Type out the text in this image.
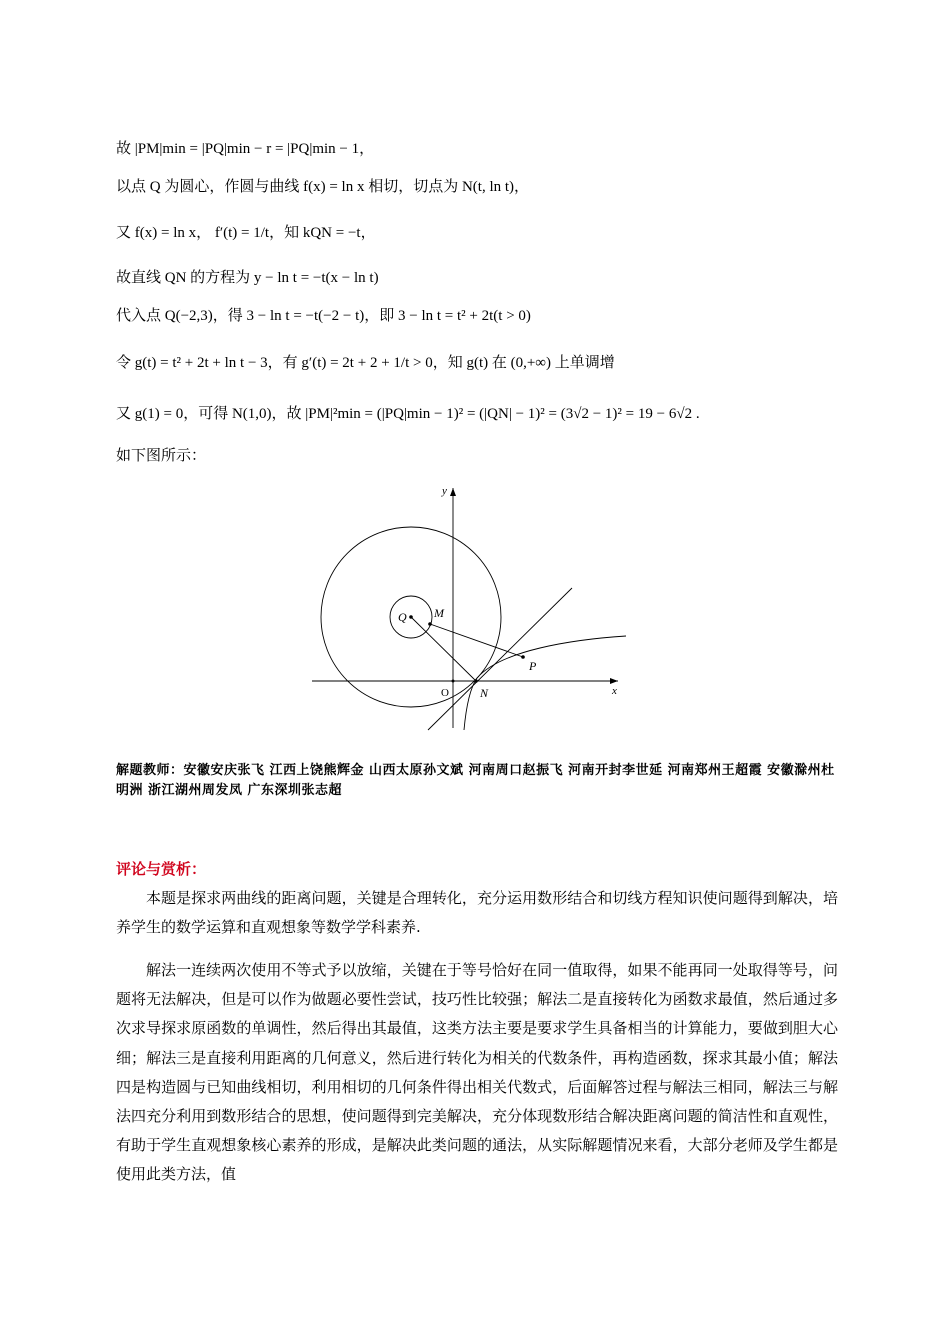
故 |PM|min = |PQ|min − r = |PQ|min − 1，
以点 Q 为圆心，作圆与曲线 f(x) = ln x 相切，切点为 N(t, ln t)，
又 f(x) = ln x， f′(t) = 1/t，知 kQN = −t，
故直线 QN 的方程为 y − ln t = −t(x − ln t)
代入点 Q(−2,3)，得 3 − ln t = −t(−2 − t)，即 3 − ln t = t² + 2t(t > 0)
令 g(t) = t² + 2t + ln t − 3，有 g′(t) = 2t + 2 + 1/t > 0，知 g(t) 在 (0,+∞) 上单调增
又 g(1) = 0，可得 N(1,0)，故 |PM|²min = (|PQ|min − 1)² = (|QN| − 1)² = (3√2 − 1)² = 19 − 6√2 .
如下图所示：
Q M
P
N
O	x
y
解题教师：安徽安庆张飞 江西上饶熊辉金 山西太原孙文斌 河南周口赵振飞 河南开封李世延 河南郑州王超霞 安徽滁州杜明洲 浙江湖州周发凤 广东深圳张志超
评论与赏析：
本题是探求两曲线的距离问题，关键是合理转化，充分运用数形结合和切线方程知识使问题得到解决，培养学生的数学运算和直观想象等数学学科素养.
解法一连续两次使用不等式予以放缩，关键在于等号恰好在同一值取得，如果不能再同一处取得等号，问题将无法解决，但是可以作为做题必要性尝试，技巧性比较强；解法二是直接转化为函数求最值，然后通过多次求导探求原函数的单调性，然后得出其最值，这类方法主要是要求学生具备相当的计算能力，要做到胆大心细；解法三是直接利用距离的几何意义，然后进行转化为相关的代数条件，再构造函数，探求其最小值；解法四是构造圆与已知曲线相切，利用相切的几何条件得出相关代数式，后面解答过程与解法三相同，解法三与解法四充分利用到数形结合的思想，使问题得到完美解决，充分体现数形结合解决距离问题的简洁性和直观性，有助于学生直观想象核心素养的形成，是解决此类问题的通法，从实际解题情况来看，大部分老师及学生都是使用此类方法，值
